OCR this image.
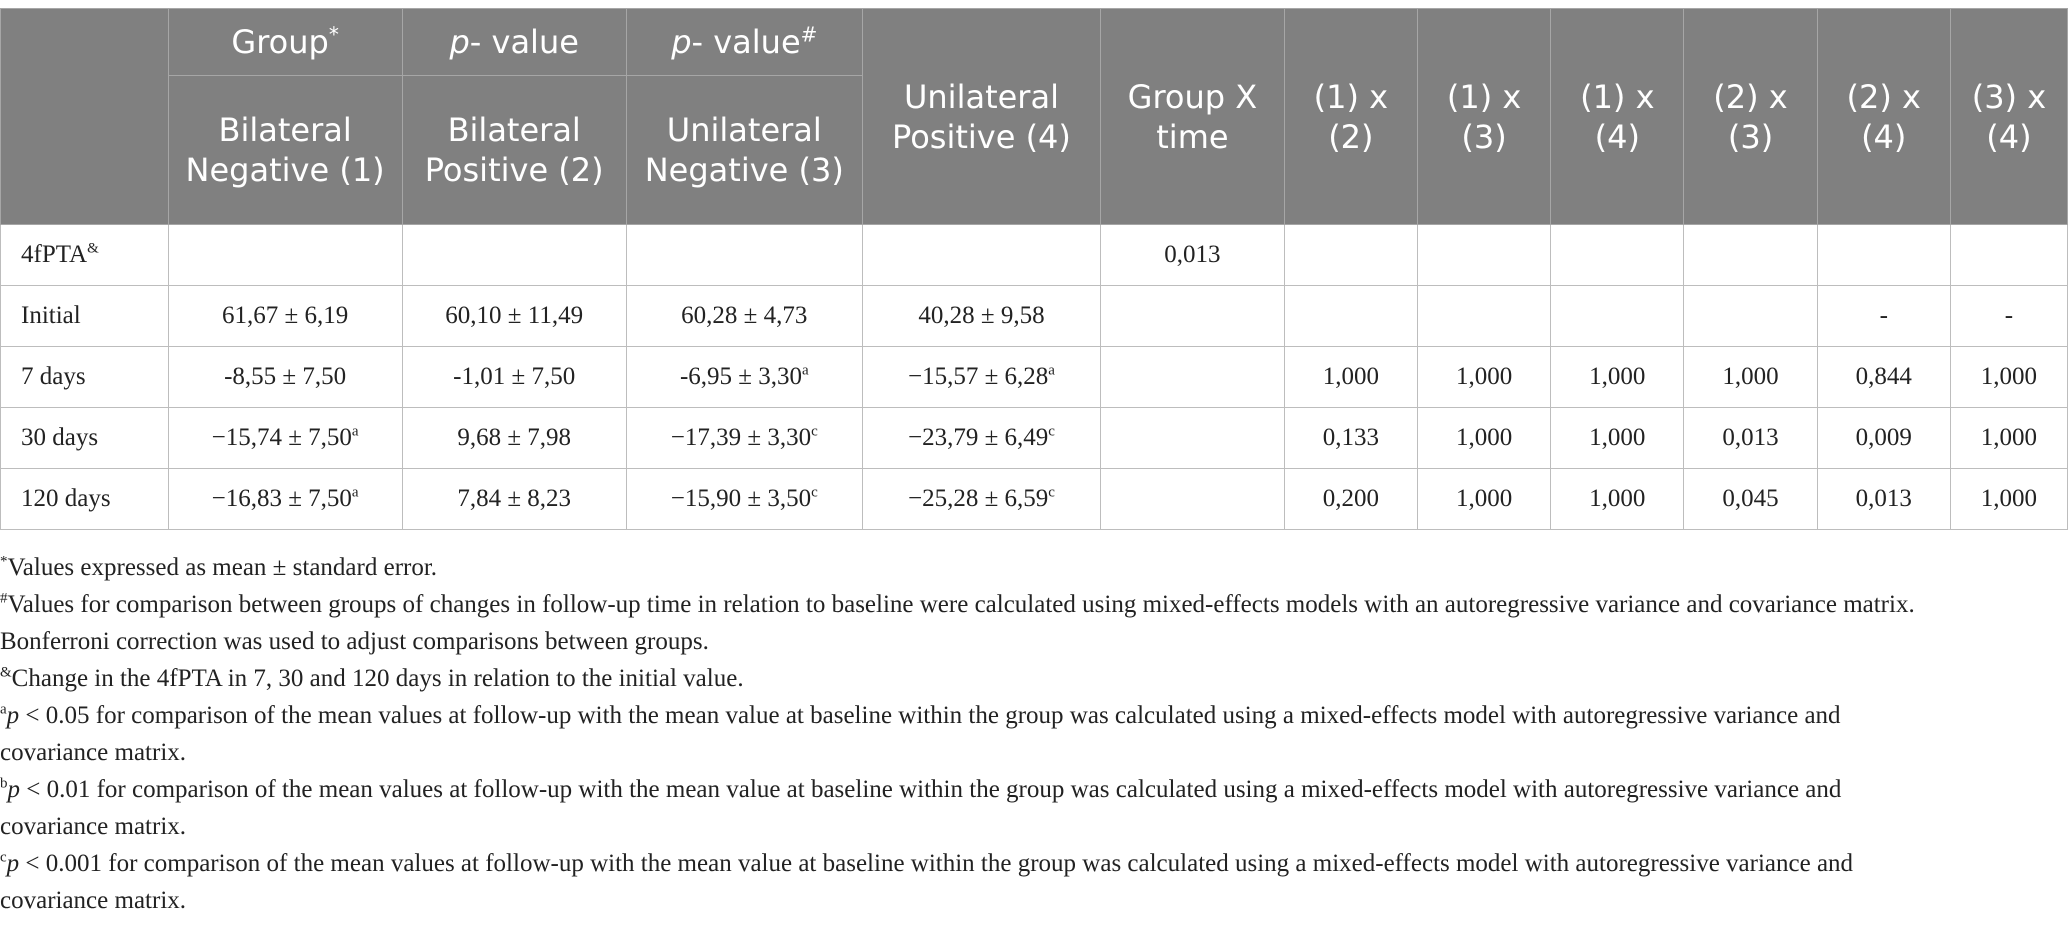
	Group*	p- value	p- value#	Unilateral Positive (4)	Group X time	(1) x (2)	(1) x (3)	(1) x (4)	(2) x (3)	(2) x (4)	(3) x (4)
	Bilateral Negative (1)	Bilateral Positive (2)	Unilateral Negative (3)								
4fPTA&					0,013						
Initial	61,67 ± 6,19	60,10 ± 11,49	60,28 ± 4,73	40,28 ± 9,58						-	-
7 days	-8,55 ± 7,50	-1,01 ± 7,50	-6,95 ± 3,30$^a$	−15,57 ± 6,28$^a$		1,000	1,000	1,000	1,000	0,844	1,000
30 days	−15,74 ± 7,50$^a$	9,68 ± 7,98	−17,39 ± 3,30$^c$	−23,79 ± 6,49$^c$		0,133	1,000	1,000	0,013	0,009	1,000
120 days	−16,83 ± 7,50$^a$	7,84 ± 8,23	−15,90 ± 3,50$^c$	−25,28 ± 6,59$^c$		0,200	1,000	1,000	0,045	0,013	1,000

*Values expressed as mean ± standard error.

#Values for comparison between groups of changes in follow-up time in relation to baseline were calculated using mixed-effects models with an autoregressive variance and covariance matrix.

Bonferroni correction was used to adjust comparisons between groups.

&Change in the 4fPTA in 7, 30 and 120 days in relation to the initial value.

$^a$p < 0.05 for comparison of the mean values at follow-up with the mean value at baseline within the group was calculated using a mixed-effects model with autoregressive variance and
covariance matrix.

$^b$p < 0.01 for comparison of the mean values at follow-up with the mean value at baseline within the group was calculated using a mixed-effects model with autoregressive variance and
covariance matrix.

$^c$p < 0.001 for comparison of the mean values at follow-up with the mean value at baseline within the group was calculated using a mixed-effects model with autoregressive variance and
covariance matrix.
